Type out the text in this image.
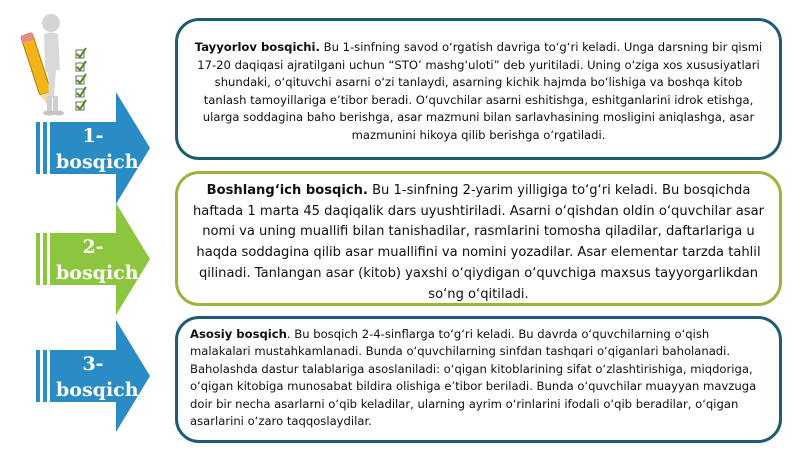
1-bosqich
2-bosqich
3-bosqich

Tayyorlov bosqichi. Bu 1-sinfning savod o‘rgatish davriga to‘g‘ri keladi. Unga darsning bir qismi 17-20 daqiqasi ajratilgani uchun “STO’ mashg‘uloti” deb yuritiladi. Uning o‘ziga xos xususiyatlari shundaki, o‘qituvchi asarni o‘zi tanlaydi, asarning kichik hajmda bo‘lishiga va boshqa kitob tanlash tamoyillariga e’tibor beradi. O‘quvchilar asarni eshitishga, eshitganlarini idrok etishga, ularga soddagina baho berishga, asar mazmuni bilan sarlavhasining mosligini aniqlashga, asar mazmunini hikoya qilib berishga o‘rgatiladi.

Boshlang‘ich bosqich. Bu 1-sinfning 2-yarim yilligiga to‘g‘ri keladi. Bu bosqichda haftada 1 marta 45 daqiqalik dars uyushtiriladi. Asarni o‘qishdan oldin o‘quvchilar asar nomi va uning muallifi bilan tanishadilar, rasmlarini tomosha qiladilar, daftarlariga u haqda soddagina qilib asar muallifini va nomini yozadilar. Asar elementar tarzda tahlil qilinadi. Tanlangan asar (kitob) yaxshi o‘qiydigan o‘quvchiga maxsus tayyorgarlikdan so‘ng o‘qitiladi.

Asosiy bosqich. Bu bosqich 2-4-sinflarga to‘g‘ri keladi. Bu davrda o‘quvchilarning o‘qish malakalari mustahkamlanadi. Bunda o‘quvchilarning sinfdan tashqari o‘qiganlari baholanadi. Baholashda dastur talablariga asoslaniladi: o‘qigan kitoblarining sifat o‘zlashtirishiga, miqdoriga, o‘qigan kitobiga munosabat bildira olishiga e’tibor beriladi. Bunda o‘quvchilar muayyan mavzuga doir bir necha asarlarni o‘qib keladilar, ularning ayrim o‘rinlarini ifodali o‘qib beradilar, o‘qigan asarlarini o‘zaro taqqoslaydilar.
